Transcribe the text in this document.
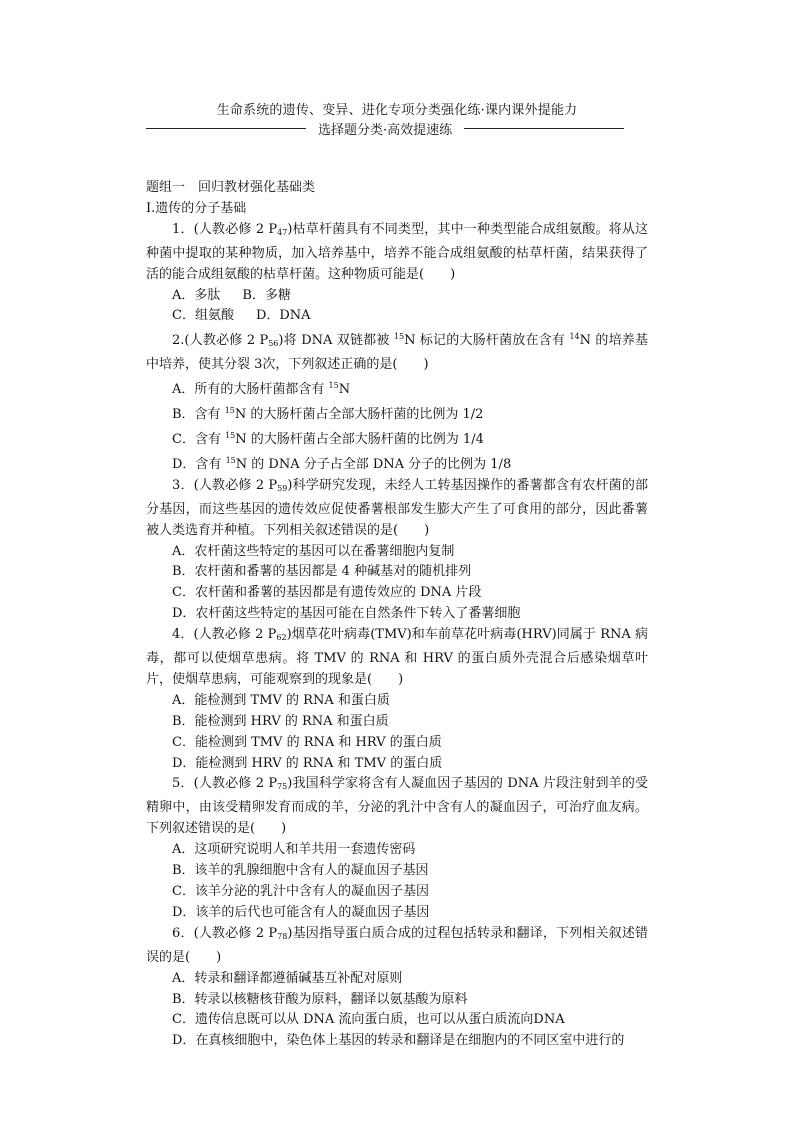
生命系统的遗传、变异、进化专项分类强化练·课内课外提能力
选择题分类·高效提速练

题组一　回归教材强化基础类

Ⅰ.遗传的分子基础

1．(人教必修 2 $P_{47}$)枯草杆菌具有不同类型，其中一种类型能合成组氨酸。将从这种菌中提取的某种物质，加入培养基中，培养不能合成组氨酸的枯草杆菌，结果获得了活的能合成组氨酸的枯草杆菌。这种物质可能是(　　)

A．多肽 B．多糖

C．组氨酸 D．DNA

2.(人教必修 2 $P_{56}$)将 DNA 双链都被 $^{15}$N 标记的大肠杆菌放在含有 $^{14}$N 的培养基中培养，使其分裂 3次，下列叙述正确的是(　　)

A．所有的大肠杆菌都含有 $^{15}$N

B．含有 $^{15}$N 的大肠杆菌占全部大肠杆菌的比例为 1/2

C．含有 $^{15}$N 的大肠杆菌占全部大肠杆菌的比例为 1/4

D．含有 $^{15}$N 的 DNA 分子占全部 DNA 分子的比例为 1/8

3．(人教必修 2 $P_{59}$)科学研究发现，未经人工转基因操作的番薯都含有农杆菌的部分基因，而这些基因的遗传效应促使番薯根部发生膨大产生了可食用的部分，因此番薯被人类选育并种植。下列相关叙述错误的是(　　)

A．农杆菌这些特定的基因可以在番薯细胞内复制

B．农杆菌和番薯的基因都是 4 种碱基对的随机排列

C．农杆菌和番薯的基因都是有遗传效应的 DNA 片段

D．农杆菌这些特定的基因可能在自然条件下转入了番薯细胞

4．(人教必修 2 $P_{62}$)烟草花叶病毒(TMV)和车前草花叶病毒(HRV)同属于 RNA 病毒，都可以使烟草患病。将 TMV 的 RNA 和 HRV 的蛋白质外壳混合后感染烟草叶片，使烟草患病，可能观察到的现象是(　　)

A．能检测到 TMV 的 RNA 和蛋白质

B．能检测到 HRV 的 RNA 和蛋白质

C．能检测到 TMV 的 RNA 和 HRV 的蛋白质

D．能检测到 HRV 的 RNA 和 TMV 的蛋白质

5．(人教必修 2 $P_{75}$)我国科学家将含有人凝血因子基因的 DNA 片段注射到羊的受精卵中，由该受精卵发育而成的羊，分泌的乳汁中含有人的凝血因子，可治疗血友病。下列叙述错误的是(　　)

A．这项研究说明人和羊共用一套遗传密码

B．该羊的乳腺细胞中含有人的凝血因子基因

C．该羊分泌的乳汁中含有人的凝血因子基因

D．该羊的后代也可能含有人的凝血因子基因

6．(人教必修 2 $P_{78}$)基因指导蛋白质合成的过程包括转录和翻译，下列相关叙述错误的是(　　)

A．转录和翻译都遵循碱基互补配对原则

B．转录以核糖核苷酸为原料，翻译以氨基酸为原料

C．遗传信息既可以从 DNA 流向蛋白质，也可以从蛋白质流向DNA

D．在真核细胞中，染色体上基因的转录和翻译是在细胞内的不同区室中进行的
